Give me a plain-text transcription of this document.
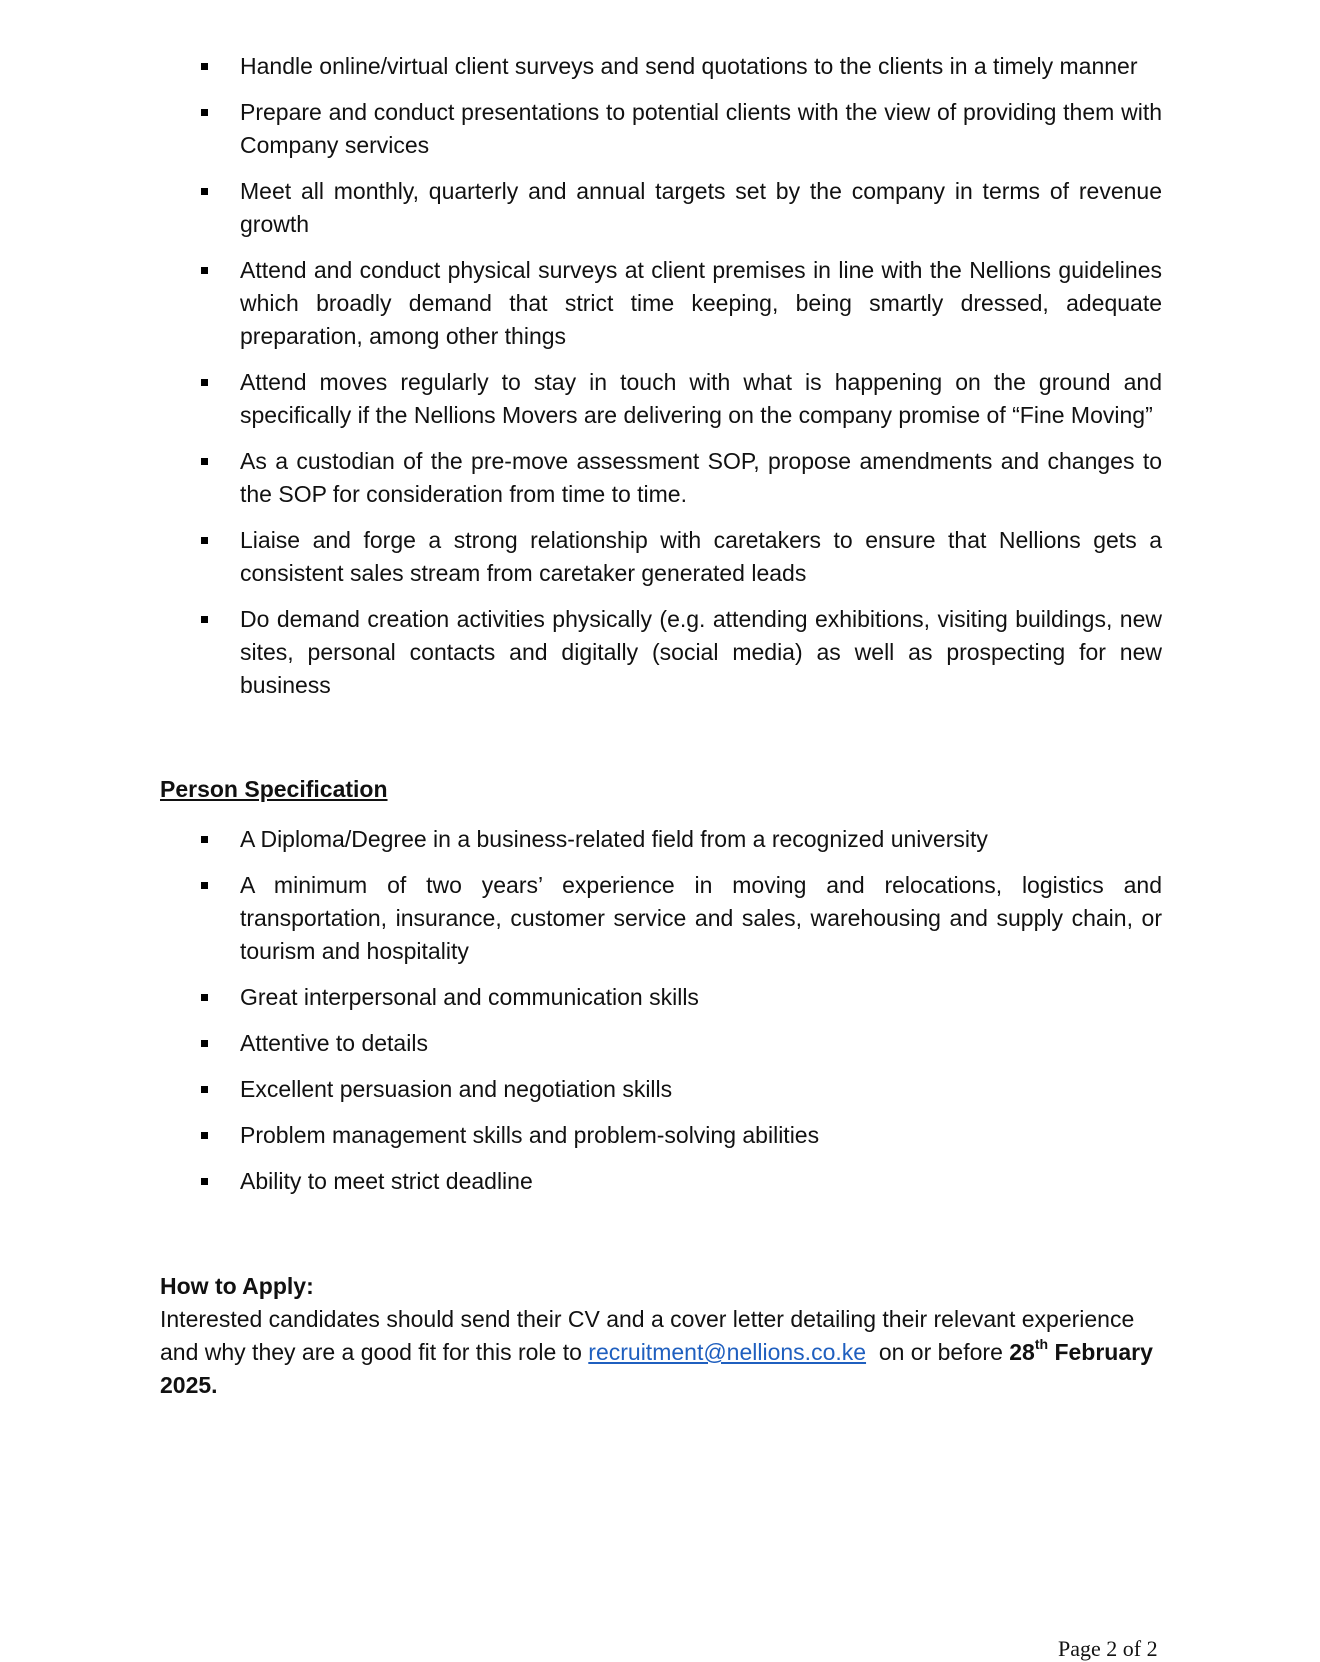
Handle online/virtual client surveys and send quotations to the clients in a timely manner
Prepare and conduct presentations to potential clients with the view of providing them with Company services
Meet all monthly, quarterly and annual targets set by the company in terms of revenue growth
Attend and conduct physical surveys at client premises in line with the Nellions guidelines which broadly demand that strict time keeping, being smartly dressed, adequate preparation, among other things
Attend moves regularly to stay in touch with what is happening on the ground and specifically if the Nellions Movers are delivering on the company promise of “Fine Moving”
As a custodian of the pre-move assessment SOP, propose amendments and changes to the SOP for consideration from time to time.
Liaise and forge a strong relationship with caretakers to ensure that Nellions gets a consistent sales stream from caretaker generated leads
Do demand creation activities physically (e.g. attending exhibitions, visiting buildings, new sites, personal contacts and digitally (social media) as well as prospecting for new business
Person Specification
A Diploma/Degree in a business-related field from a recognized university
A minimum of two years’ experience in moving and relocations, logistics and transportation, insurance, customer service and sales, warehousing and supply chain, or tourism and hospitality
Great interpersonal and communication skills
Attentive to details
Excellent persuasion and negotiation skills
Problem management skills and problem-solving abilities
Ability to meet strict deadline
How to Apply:

Interested candidates should send their CV and a cover letter detailing their relevant experience and why they are a good fit for this role to recruitment@nellions.co.ke  on or before 28th February 2025.

Page 2 of 2
